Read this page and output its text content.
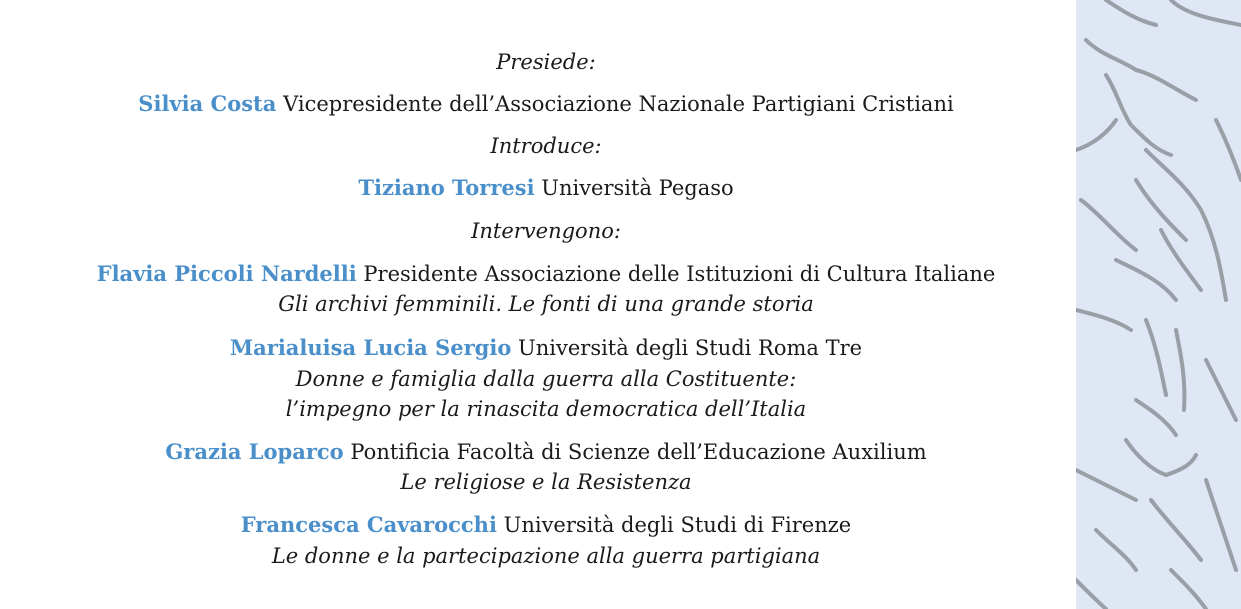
Presiede:
Silvia Costa Vicepresidente dell’Associazione Nazionale Partigiani Cristiani
Introduce:
Tiziano Torresi Università Pegaso
Intervengono:
Flavia Piccoli Nardelli Presidente Associazione delle Istituzioni di Cultura Italiane
Gli archivi femminili. Le fonti di una grande storia
Marialuisa Lucia Sergio Università degli Studi Roma Tre
Donne e famiglia dalla guerra alla Costituente:
l’impegno per la rinascita democratica dell’Italia
Grazia Loparco Pontificia Facoltà di Scienze dell’Educazione Auxilium
Le religiose e la Resistenza
Francesca Cavarocchi Università degli Studi di Firenze
Le donne e la partecipazione alla guerra partigiana
